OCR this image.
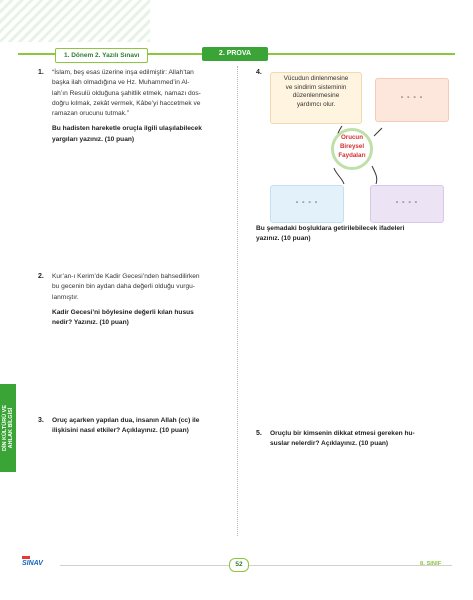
1. Dönem 2. Yazılı Sınavı	2. PROVA
1. “İslam, beş esas üzerine inşa edilmiştir: Allah’tan
başka ilah olmadığına ve Hz. Muhammed’in Al-
lah’ın Resulü olduğuna şahitlik etmek, namazı dos-
doğru kılmak, zekât vermek, Kâbe’yi haccetmek ve
ramazan orucunu tutmak.”
Bu hadisten hareketle oruçla ilgili ulaşılabilecek
yargıları yazınız. (10 puan)
2. Kur’an-ı Kerim’de Kadir Gecesi’nden bahsedilirken
bu gecenin bin aydan daha değerli olduğu vurgu-
lanmıştır.
Kadir Gecesi’ni böylesine değerli kılan husus
nedir? Yazınız. (10 puan)
3. Oruç açarken yapılan dua, insanın Allah (cc) ile
ilişkisini nasıl etkiler? Açıklayınız. (10 puan)
4.
Vücudun dinlenmesine
ve sindirim sisteminin
düzenlenmesine
yardımcı olur.
- - - -
Orucun
Bireysel
Faydaları
- - - -	- - - -
Bu şemadaki boşluklara getirilebilecek ifadeleri
yazınız. (10 puan)
5. Oruçlu bir kimsenin dikkat etmesi gereken hu-
suslar nelerdir? Açıklayınız. (10 puan)
DİN KÜLTÜRÜ VE AHLAK BİLGİSİ
SINAV	52	8. SINIF
